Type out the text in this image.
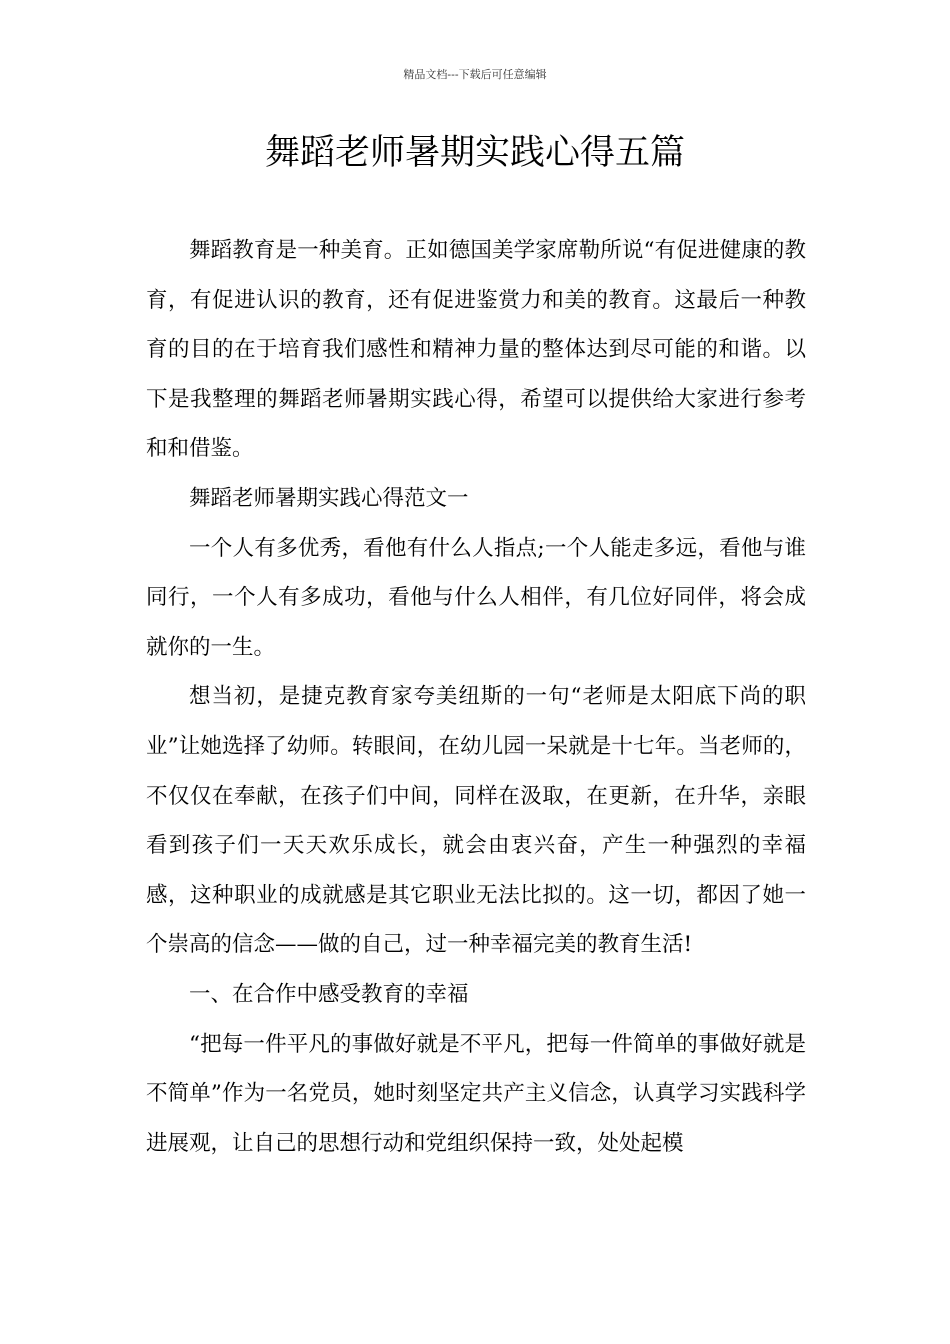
精品文档---下载后可任意编辑
舞蹈老师暑期实践心得五篇

舞蹈教育是一种美育。正如德国美学家席勒所说“有促进健康的教育，有促进认识的教育，还有促进鉴赏力和美的教育。这最后一种教育的目的在于培育我们感性和精神力量的整体达到尽可能的和谐。以下是我整理的舞蹈老师暑期实践心得，希望可以提供给大家进行参考和和借鉴。

舞蹈老师暑期实践心得范文一

一个人有多优秀，看他有什么人指点;一个人能走多远，看他与谁同行，一个人有多成功，看他与什么人相伴，有几位好同伴，将会成就你的一生。

想当初，是捷克教育家夸美纽斯的一句“老师是太阳底下尚的职业”让她选择了幼师。转眼间，在幼儿园一呆就是十七年。当老师的，不仅仅在奉献，在孩子们中间，同样在汲取，在更新，在升华，亲眼看到孩子们一天天欢乐成长，就会由衷兴奋，产生一种强烈的幸福感，这种职业的成就感是其它职业无法比拟的。这一切，都因了她一个崇高的信念——做的自己，过一种幸福完美的教育生活!

一、在合作中感受教育的幸福

“把每一件平凡的事做好就是不平凡，把每一件简单的事做好就是不简单”作为一名党员，她时刻坚定共产主义信念，认真学习实践科学进展观，让自己的思想行动和党组织保持一致，处处起模
